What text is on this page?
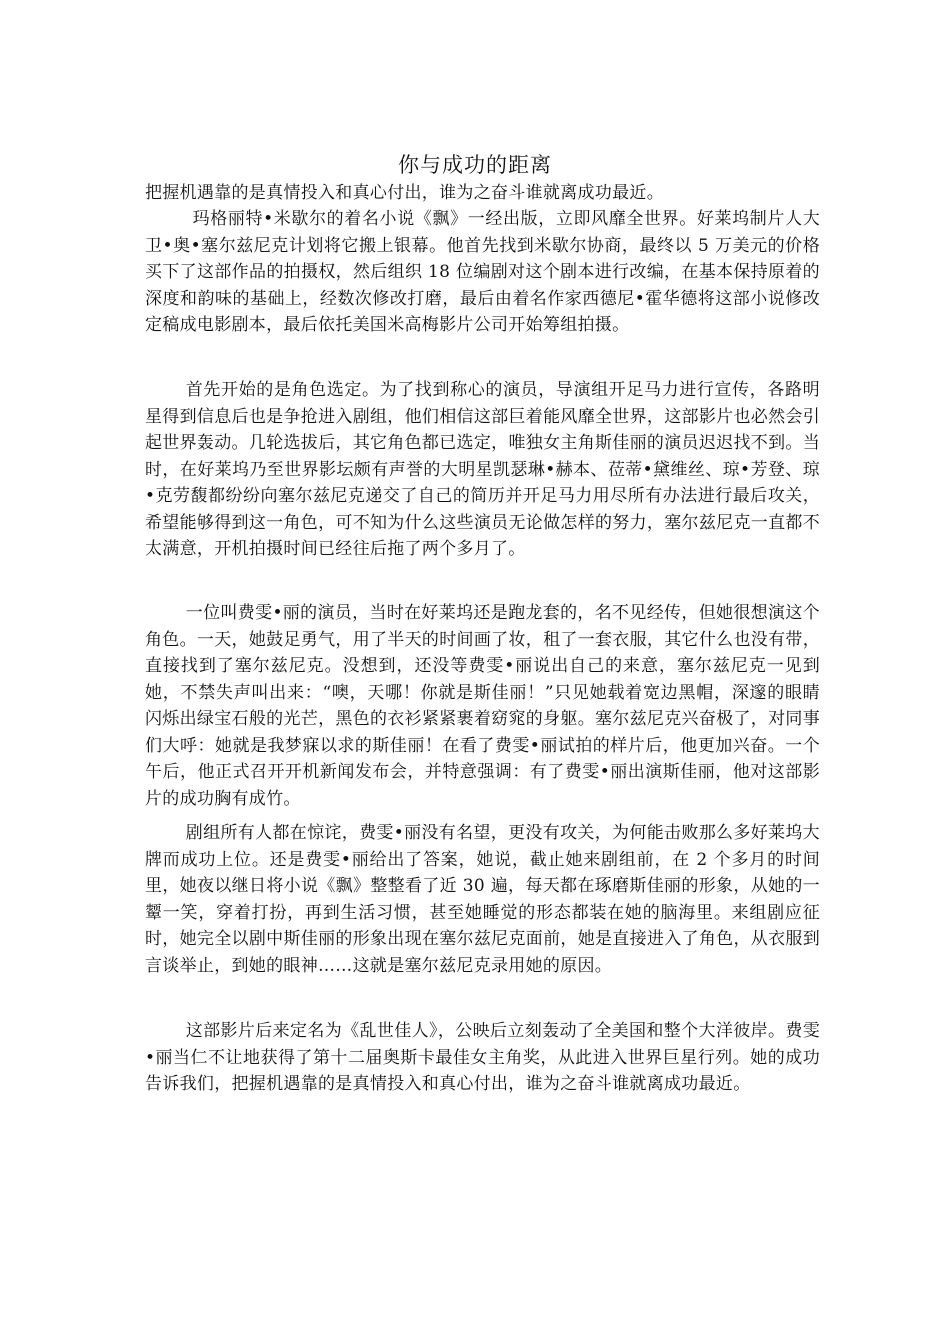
你与成功的距离
把握机遇靠的是真情投入和真心付出，谁为之奋斗谁就离成功最近。

玛格丽特•米歇尔的着名小说《飘》一经出版，立即风靡全世界。好莱坞制片人大卫•奥•塞尔兹尼克计划将它搬上银幕。他首先找到米歇尔协商，最终以 5 万美元的价格买下了这部作品的拍摄权，然后组织 18 位编剧对这个剧本进行改编，在基本保持原着的深度和韵味的基础上，经数次修改打磨，最后由着名作家西德尼•霍华德将这部小说修改定稿成电影剧本，最后依托美国米高梅影片公司开始筹组拍摄。

首先开始的是角色选定。为了找到称心的演员，导演组开足马力进行宣传，各路明星得到信息后也是争抢进入剧组，他们相信这部巨着能风靡全世界，这部影片也必然会引起世界轰动。几轮选拔后，其它角色都已选定，唯独女主角斯佳丽的演员迟迟找不到。当时，在好莱坞乃至世界影坛颇有声誉的大明星凯瑟琳•赫本、莅蒂•黛维丝、琼•芳登、琼•克劳馥都纷纷向塞尔兹尼克递交了自己的简历并开足马力用尽所有办法进行最后攻关，希望能够得到这一角色，可不知为什么这些演员无论做怎样的努力，塞尔兹尼克一直都不太满意，开机拍摄时间已经往后拖了两个多月了。

一位叫费雯•丽的演员，当时在好莱坞还是跑龙套的，名不见经传，但她很想演这个角色。一天，她鼓足勇气，用了半天的时间画了妆，租了一套衣服，其它什么也没有带，直接找到了塞尔兹尼克。没想到，还没等费雯•丽说出自己的来意，塞尔兹尼克一见到她，不禁失声叫出来：“噢，天哪！你就是斯佳丽！”只见她载着宽边黑帽，深邃的眼睛闪烁出绿宝石般的光芒，黑色的衣衫紧紧裹着窈窕的身躯。塞尔兹尼克兴奋极了，对同事们大呼：她就是我梦寐以求的斯佳丽！在看了费雯•丽试拍的样片后，他更加兴奋。一个午后，他正式召开开机新闻发布会，并特意强调：有了费雯•丽出演斯佳丽，他对这部影片的成功胸有成竹。

剧组所有人都在惊诧，费雯•丽没有名望，更没有攻关，为何能击败那么多好莱坞大牌而成功上位。还是费雯•丽给出了答案，她说，截止她来剧组前，在 2 个多月的时间里，她夜以继日将小说《飘》整整看了近 30 遍，每天都在琢磨斯佳丽的形象，从她的一颦一笑，穿着打扮，再到生活习惯，甚至她睡觉的形态都装在她的脑海里。来组剧应征时，她完全以剧中斯佳丽的形象出现在塞尔兹尼克面前，她是直接进入了角色，从衣服到言谈举止，到她的眼神……这就是塞尔兹尼克录用她的原因。

这部影片后来定名为《乱世佳人》，公映后立刻轰动了全美国和整个大洋彼岸。费雯•丽当仁不让地获得了第十二届奥斯卡最佳女主角奖，从此进入世界巨星行列。她的成功告诉我们，把握机遇靠的是真情投入和真心付出，谁为之奋斗谁就离成功最近。
